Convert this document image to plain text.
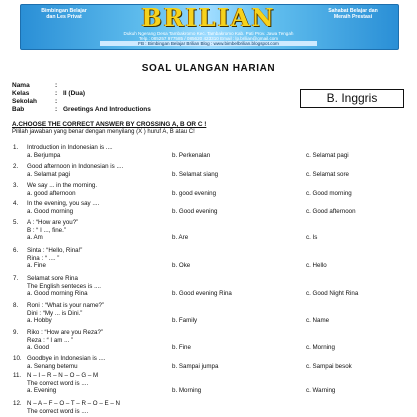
Bimbingan Belajar dan Les Privat	BRILIAN	Sahabat Belajar dan Meraih Prestasi
Dukuh Ngerang Desa Tambakromo Kec. Tambakromo Kab. Pati Prov. Jawa Tengah
Telp.: 085257 977585 / 085620 423310 Email : lp.brilian@gmail.com
FB : Bimbingan Belajar Brilian Blog : www.bimbelbrilian.blogspot.com
SOAL ULANGAN HARIAN
Nama	:
Kelas	: II (Dua)
Sekolah	:
Bab	: Greetings And Introductions
B. Inggris
A.CHOOSE THE CORRECT ANSWER BY CROSSING A, B OR C !
Pililah jawaban yang benar dengan menyilang (X ) huruf A, B atau C!
1.	Introduction in Indonesian is ....
a. Berjumpa	b. Perkenalan	c. Selamat pagi
2.	Good afternoon in Indonesian is ....
a. Selamat pagi	b. Selamat siang	c. Selamat sore
3.	We say ... in the morning.
a. good afternoon	b. good evening	c. Good morning
4.	In the evening, you say ....
a. Good morning	b. Good evening	c. Good afternoon
5.	A : “How are you?”
B : “ I ..., fine.”
a. Am	b. Are	c. Is
6.	Sinta : “Hello, Rina!”
Rina : “ .... ”
a. Fine	b. Oke	c. Hello
7.	Selamat sore Rina
The English senteces is ....
a. Good morning Rina	b. Good evening Rina	c. Good Night Rina
8.	Roni : “What is your name?”
Dini : “My ... is Dini.”
a. Hobby	b. Family	c. Name
9.	Riko : “How are you Reza?”
Reza : “ I am ... ”
a. Good	b. Fine	c. Morning
10. Goodbye in Indonesian is ....
a. Senang betemu	b. Sampai jumpa	c. Sampai besok
11. N – I – R – N – O – G – M
The correct word is ....
a. Evening	b. Morning	c. Warning
12. N – A – F – O – T – R – O – E – N
The correct word is ....
